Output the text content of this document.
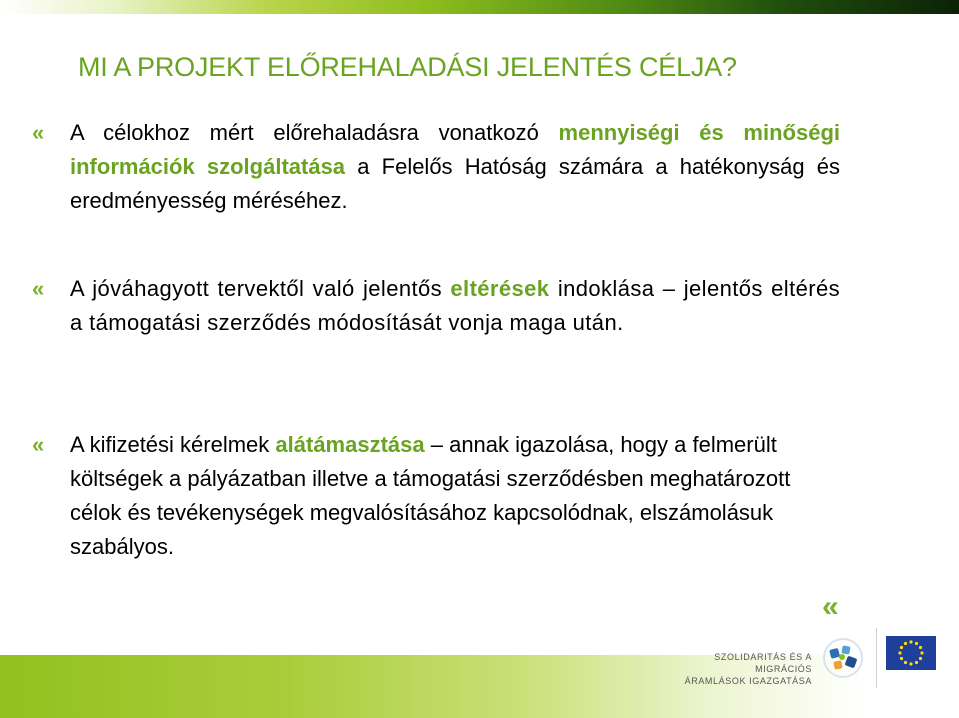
MI A PROJEKT ELŐREHALADÁSI JELENTÉS CÉLJA?
« A célokhoz mért előrehaladásra vonatkozó mennyiségi és minőségi információk szolgáltatása a Felelős Hatóság számára a hatékonyság és eredményesség méréséhez.
« A jóváhagyott tervektől való jelentős eltérések indoklása – jelentős eltérés a támogatási szerződés módosítását vonja maga után.
« A kifizetési kérelmek alátámasztása – annak igazolása, hogy a felmerült költségek a pályázatban illetve a támogatási szerződésben meghatározott célok és tevékenységek megvalósításához kapcsolódnak, elszámolásuk szabályos.
«
SZOLIDARITÁS ÉS A MIGRÁCIÓS
ÁRAMLÁSOK IGAZGATÁSA
